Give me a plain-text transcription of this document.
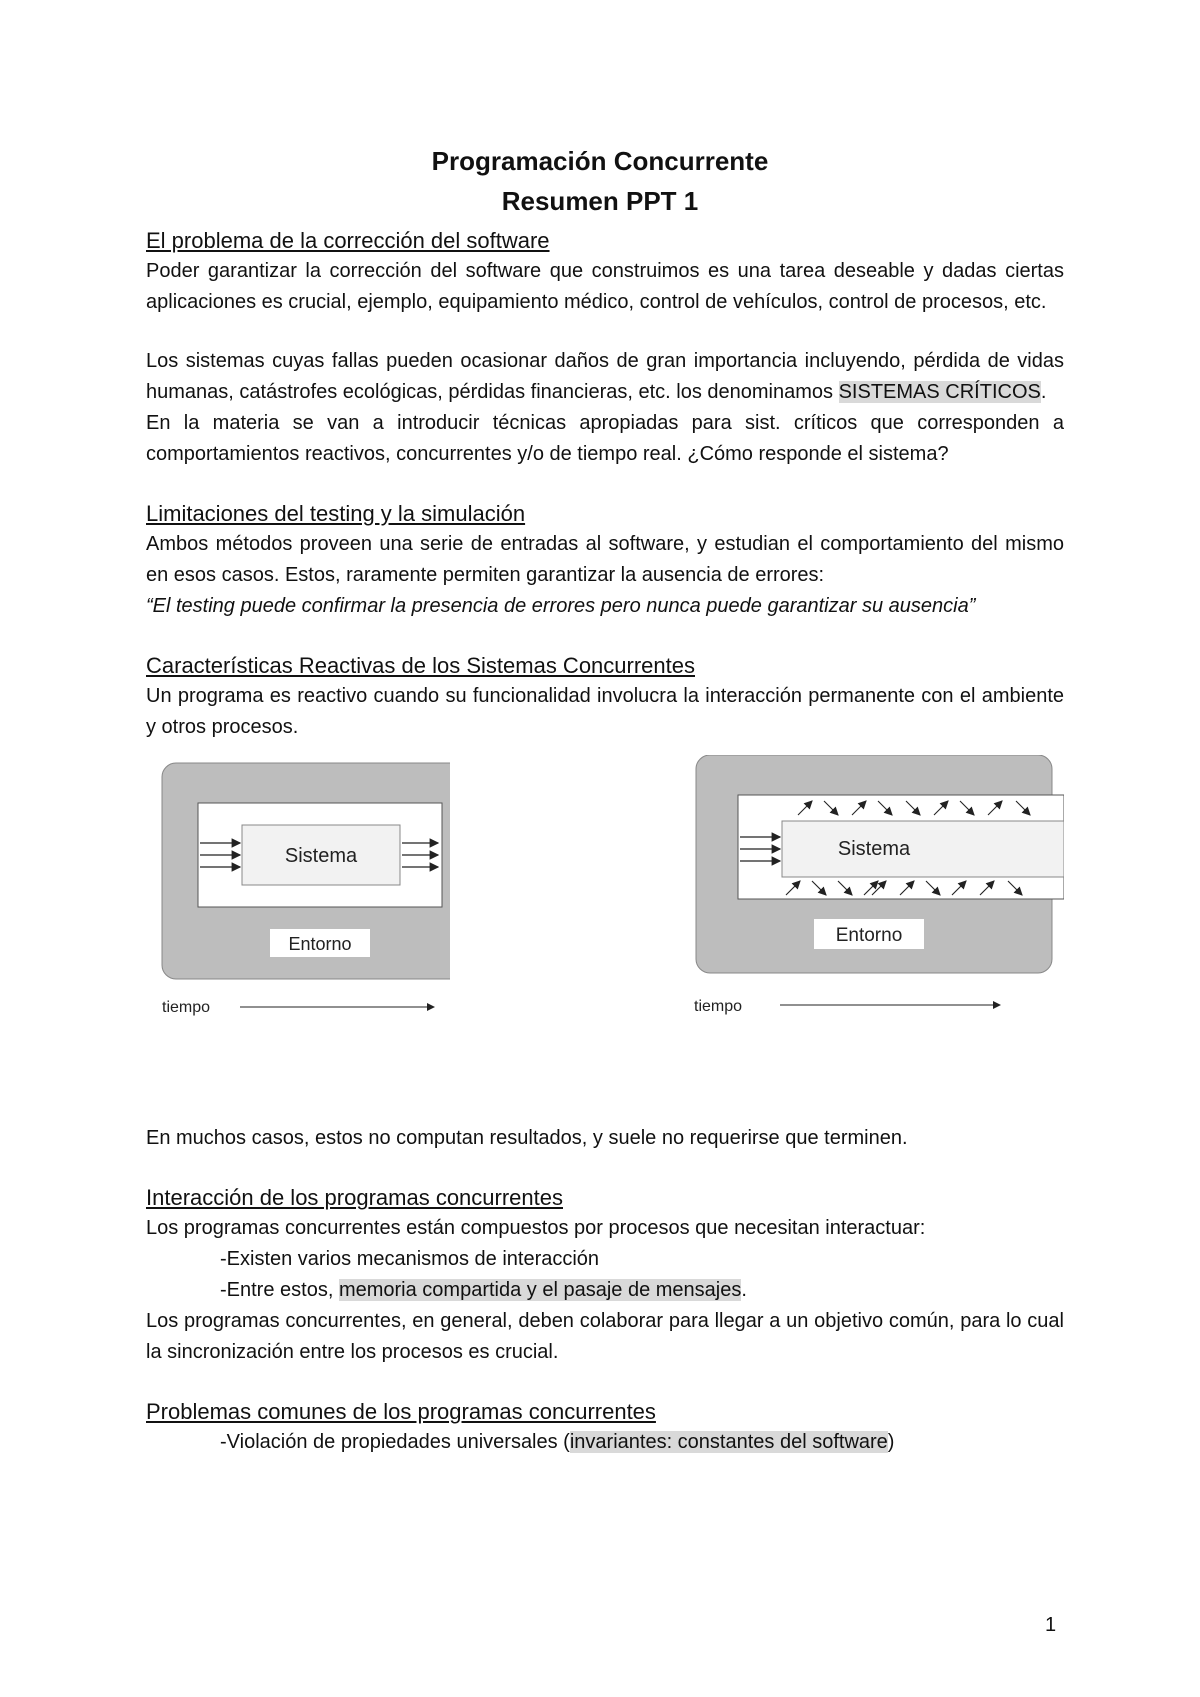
Programación Concurrente
Resumen PPT 1
El problema de la corrección del software

Poder garantizar la corrección del software que construimos es una tarea deseable y dadas ciertas aplicaciones es crucial, ejemplo, equipamiento médico, control de vehículos, control de procesos, etc.

Los sistemas cuyas fallas pueden ocasionar daños de gran importancia incluyendo, pérdida de vidas humanas, catástrofes ecológicas, pérdidas financieras, etc. los denominamos SISTEMAS CRÍTICOS.

En la materia se van a introducir técnicas apropiadas para sist. críticos que corresponden a comportamientos reactivos, concurrentes y/o de tiempo real. ¿Cómo responde el sistema?

Limitaciones del testing y la simulación

Ambos métodos proveen una serie de entradas al software, y estudian el comportamiento del mismo en esos casos. Estos, raramente permiten garantizar la ausencia de errores:

“El testing puede confirmar la presencia de errores pero nunca puede garantizar su ausencia”

Características Reactivas de los Sistemas Concurrentes

Un programa es reactivo cuando su funcionalidad involucra la interacción permanente con el ambiente y otros procesos.

Sistema
Entorno
tiempo
Sistema
Entorno
tiempo

En muchos casos, estos no computan resultados, y suele no requerirse que terminen.

Interacción de los programas concurrentes

Los programas concurrentes están compuestos por procesos que necesitan interactuar:

-Existen varios mecanismos de interacción

-Entre estos, memoria compartida y el pasaje de mensajes.

Los programas concurrentes, en general, deben colaborar para llegar a un objetivo común, para lo cual la sincronización entre los procesos es crucial.

Problemas comunes de los programas concurrentes

-Violación de propiedades universales (invariantes: constantes del software)

1
